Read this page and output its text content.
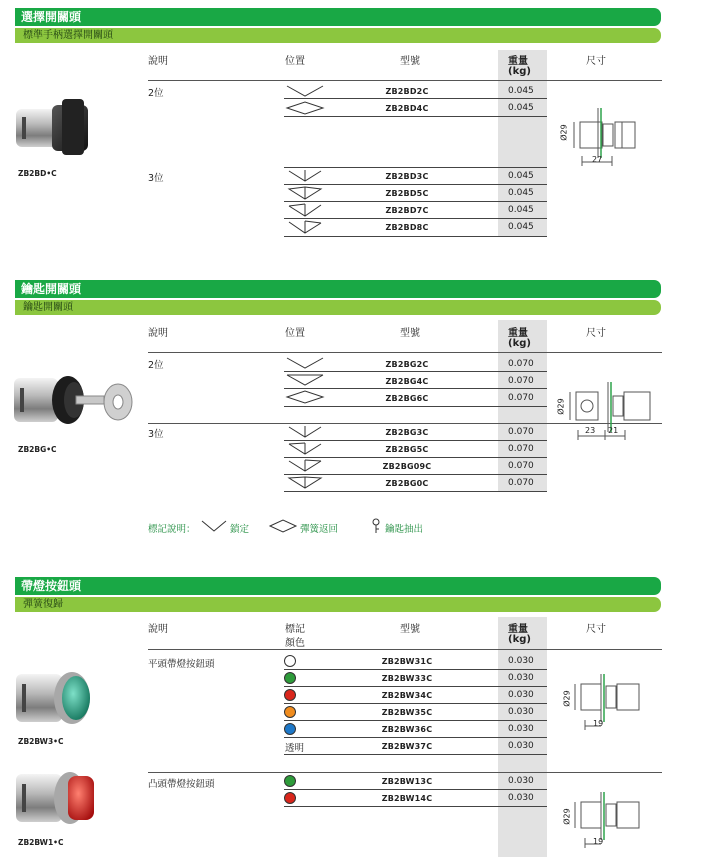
選擇開關頭
標準手柄選擇開關頭
說明	位置	型號	重量
(kg)
尺寸
ZB2BD•C
2位	ZB2BD2C	0.045
ZB2BD4C	0.045
3位	ZB2BD3C	0.045
ZB2BD5C	0.045
ZB2BD7C	0.045
ZB2BD8C	0.045
Ø29
27
鑰匙開關頭
鑰匙開關頭
說明	位置	型號	重量
(kg)
尺寸
ZB2BG•C
2位	ZB2BG2C	0.070
ZB2BG4C	0.070
ZB2BG6C	0.070
3位	ZB2BG3C	0.070
ZB2BG5C	0.070
ZB2BG09C	0.070
ZB2BG0C	0.070
Ø29
23 21
標記說明：	鎖定	彈簧返回	鑰匙抽出
帶燈按鈕頭
彈簧復歸
說明	標記
顏色
型號	重量
(kg)
尺寸
ZB2BW3•C
ZB2BW1•C
平頭帶燈按鈕頭	ZB2BW31C	0.030
ZB2BW33C	0.030
ZB2BW34C	0.030
ZB2BW35C	0.030
ZB2BW36C	0.030
透明	ZB2BW37C	0.030
凸頭帶燈按鈕頭	ZB2BW13C	0.030
ZB2BW14C	0.030
Ø29
19
Ø29
19
